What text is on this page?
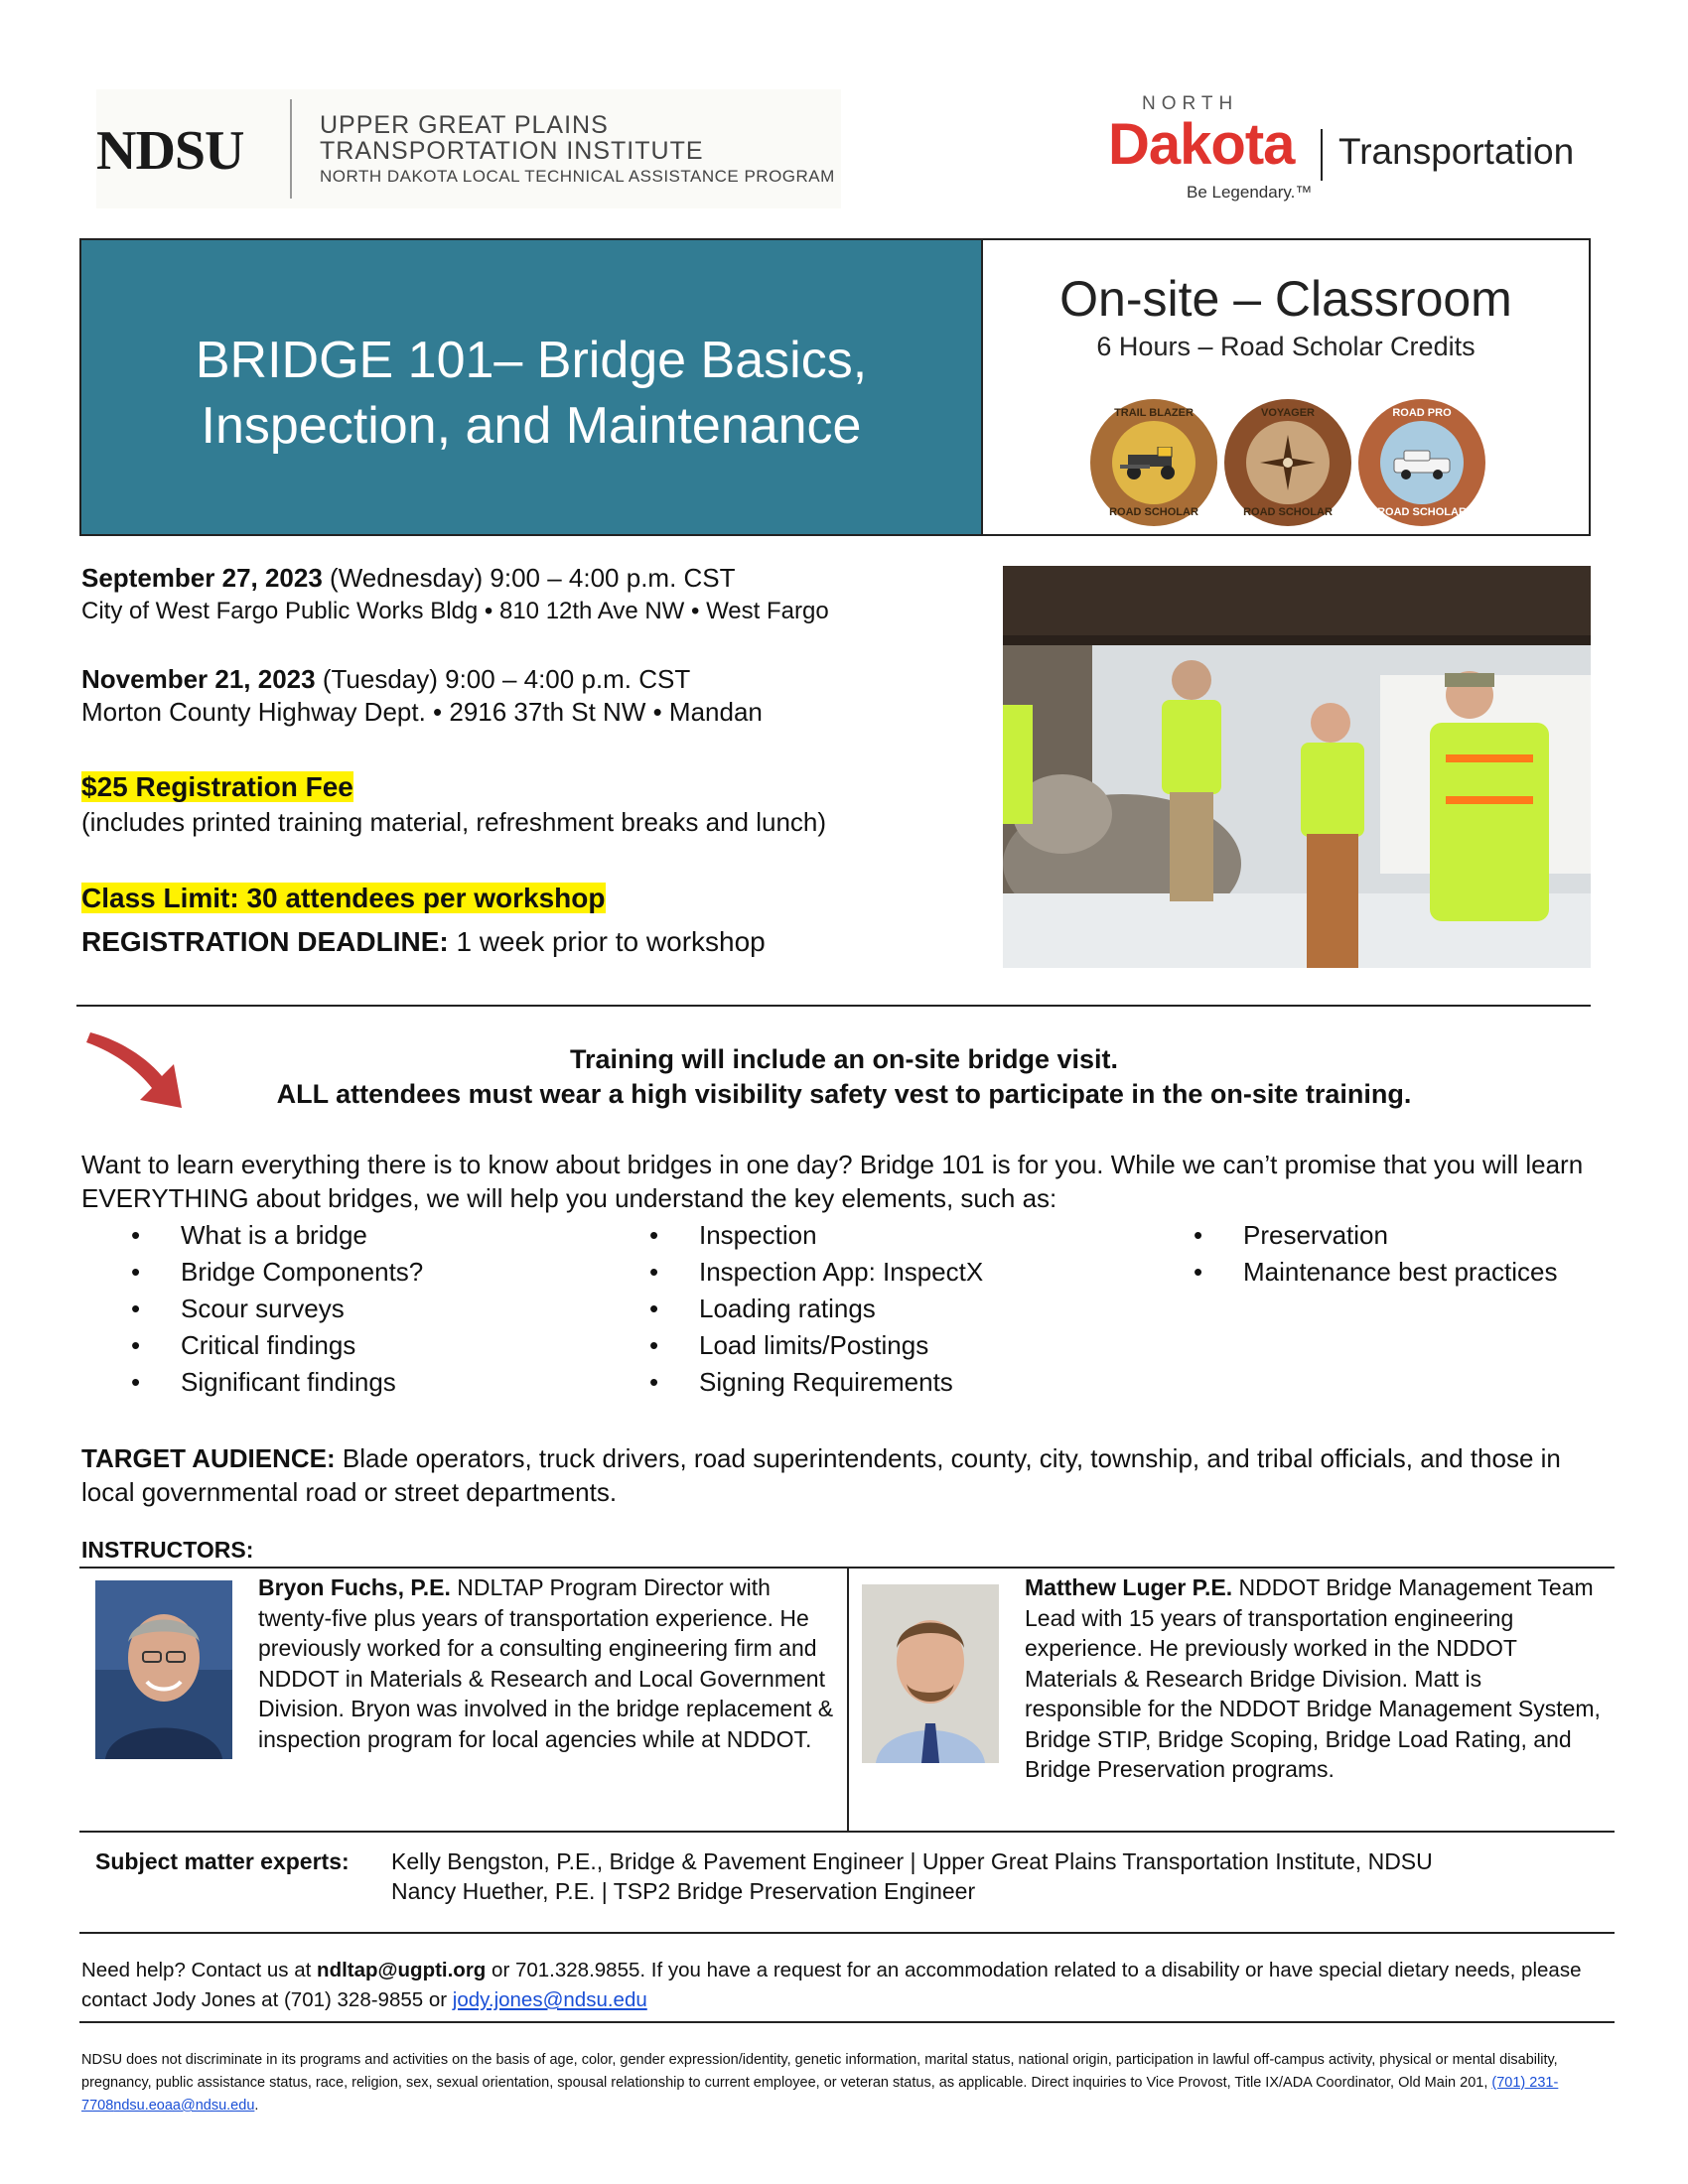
NDSU	UPPER GREAT PLAINS
TRANSPORTATION INSTITUTE
NORTH DAKOTA LOCAL TECHNICAL ASSISTANCE PROGRAM
NORTH
Dakota Transportation
Be Legendary.™
BRIDGE 101– Bridge Basics,
Inspection, and Maintenance
On-site – Classroom
6 Hours – Road Scholar Credits
TRAIL BLAZER
ROAD SCHOLAR
VOYAGER
ROAD SCHOLAR
ROAD PRO
ROAD SCHOLAR
September 27, 2023 (Wednesday) 9:00 – 4:00 p.m. CST
City of West Fargo Public Works Bldg • 810 12th Ave NW • West Fargo
November 21, 2023 (Tuesday) 9:00 – 4:00 p.m. CST
Morton County Highway Dept. • 2916 37th St NW • Mandan
$25 Registration Fee
(includes printed training material, refreshment breaks and lunch)
Class Limit: 30 attendees per workshop
REGISTRATION DEADLINE: 1 week prior to workshop
Training will include an on-site bridge visit.
ALL attendees must wear a high visibility safety vest to participate in the on-site training.
Want to learn everything there is to know about bridges in one day? Bridge 101 is for you. While we can’t promise that you will learn EVERYTHING about bridges, we will help you understand the key elements, such as:
• What is a bridge
• Bridge Components?
• Scour surveys
• Critical findings
• Significant findings
• Inspection
• Inspection App: InspectX
• Loading ratings
• Load limits/Postings
• Signing Requirements
• Preservation
• Maintenance best practices
TARGET AUDIENCE: Blade operators, truck drivers, road superintendents, county, city, township, and tribal officials, and those in local governmental road or street departments.
INSTRUCTORS:
Bryon Fuchs, P.E. NDLTAP Program Director with twenty-five plus years of transportation experience. He previously worked for a consulting engineering firm and NDDOT in Materials & Research and Local Government Division. Bryon was involved in the bridge replacement & inspection program for local agencies while at NDDOT.
Matthew Luger P.E. NDDOT Bridge Management Team Lead with 15 years of transportation engineering experience. He previously worked in the NDDOT Materials & Research Bridge Division. Matt is responsible for the NDDOT Bridge Management System, Bridge STIP, Bridge Scoping, Bridge Load Rating, and Bridge Preservation programs.
Subject matter experts:	Kelly Bengston, P.E., Bridge & Pavement Engineer | Upper Great Plains Transportation Institute, NDSU
Nancy Huether, P.E. | TSP2 Bridge Preservation Engineer
Need help? Contact us at ndltap@ugpti.org or 701.328.9855. If you have a request for an accommodation related to a disability or have special dietary needs, please contact Jody Jones at (701) 328-9855 or jody.jones@ndsu.edu
NDSU does not discriminate in its programs and activities on the basis of age, color, gender expression/identity, genetic information, marital status, national origin, participation in lawful off-campus activity, physical or mental disability, pregnancy, public assistance status, race, religion, sex, sexual orientation, spousal relationship to current employee, or veteran status, as applicable. Direct inquiries to Vice Provost, Title IX/ADA Coordinator, Old Main 201, (701) 231-7708ndsu.eoaa@ndsu.edu.
